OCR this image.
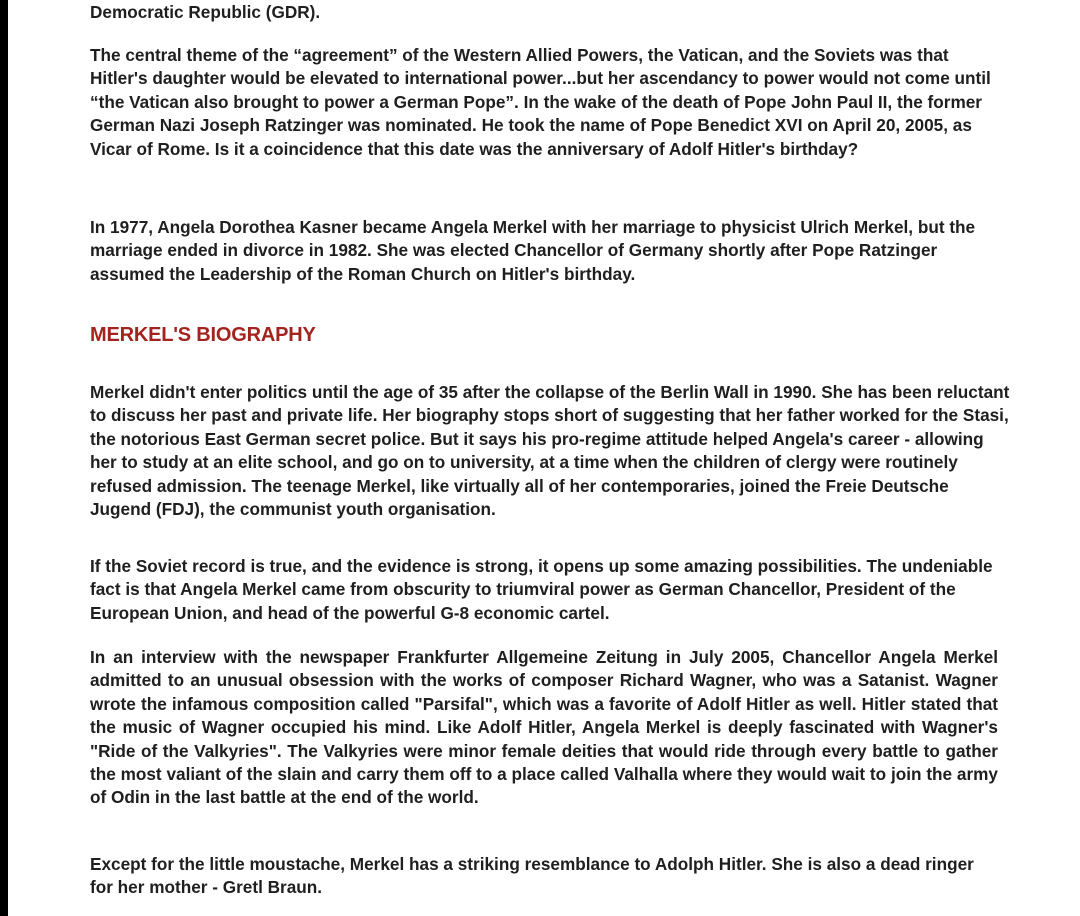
Democratic Republic (GDR).

The central theme of the “agreement” of the Western Allied Powers, the Vatican, and the Soviets was that Hitler's daughter would be elevated to international power...but her ascendancy to power would not come until “the Vatican also brought to power a German Pope”. In the wake of the death of Pope John Paul II, the former German Nazi Joseph Ratzinger was nominated. He took the name of Pope Benedict XVI on April 20, 2005, as Vicar of Rome. Is it a coincidence that this date was the anniversary of Adolf Hitler's birthday?

In 1977, Angela Dorothea Kasner became Angela Merkel with her marriage to physicist Ulrich Merkel, but the marriage ended in divorce in 1982. She was elected Chancellor of Germany shortly after Pope Ratzinger assumed the Leadership of the Roman Church on Hitler's birthday.

MERKEL'S BIOGRAPHY

Merkel didn't enter politics until the age of 35 after the collapse of the Berlin Wall in 1990. She has been reluctant to discuss her past and private life. Her biography stops short of suggesting that her father worked for the Stasi, the notorious East German secret police. But it says his pro-regime attitude helped Angela's career - allowing her to study at an elite school, and go on to university, at a time when the children of clergy were routinely refused admission. The teenage Merkel, like virtually all of her contemporaries, joined the Freie Deutsche Jugend (FDJ), the communist youth organisation.

If the Soviet record is true, and the evidence is strong, it opens up some amazing possibilities. The undeniable fact is that Angela Merkel came from obscurity to triumviral power as German Chancellor, President of the European Union, and head of the powerful G-8 economic cartel.

In an interview with the newspaper Frankfurter Allgemeine Zeitung in July 2005, Chancellor Angela Merkel admitted to an unusual obsession with the works of composer Richard Wagner, who was a Satanist. Wagner wrote the infamous composition called "Parsifal", which was a favorite of Adolf Hitler as well. Hitler stated that the music of Wagner occupied his mind. Like Adolf Hitler, Angela Merkel is deeply fascinated with Wagner's "Ride of the Valkyries". The Valkyries were minor female deities that would ride through every battle to gather the most valiant of the slain and carry them off to a place called Valhalla where they would wait to join the army of Odin in the last battle at the end of the world.

Except for the little moustache, Merkel has a striking resemblance to Adolph Hitler. She is also a dead ringer for her mother - Gretl Braun.
